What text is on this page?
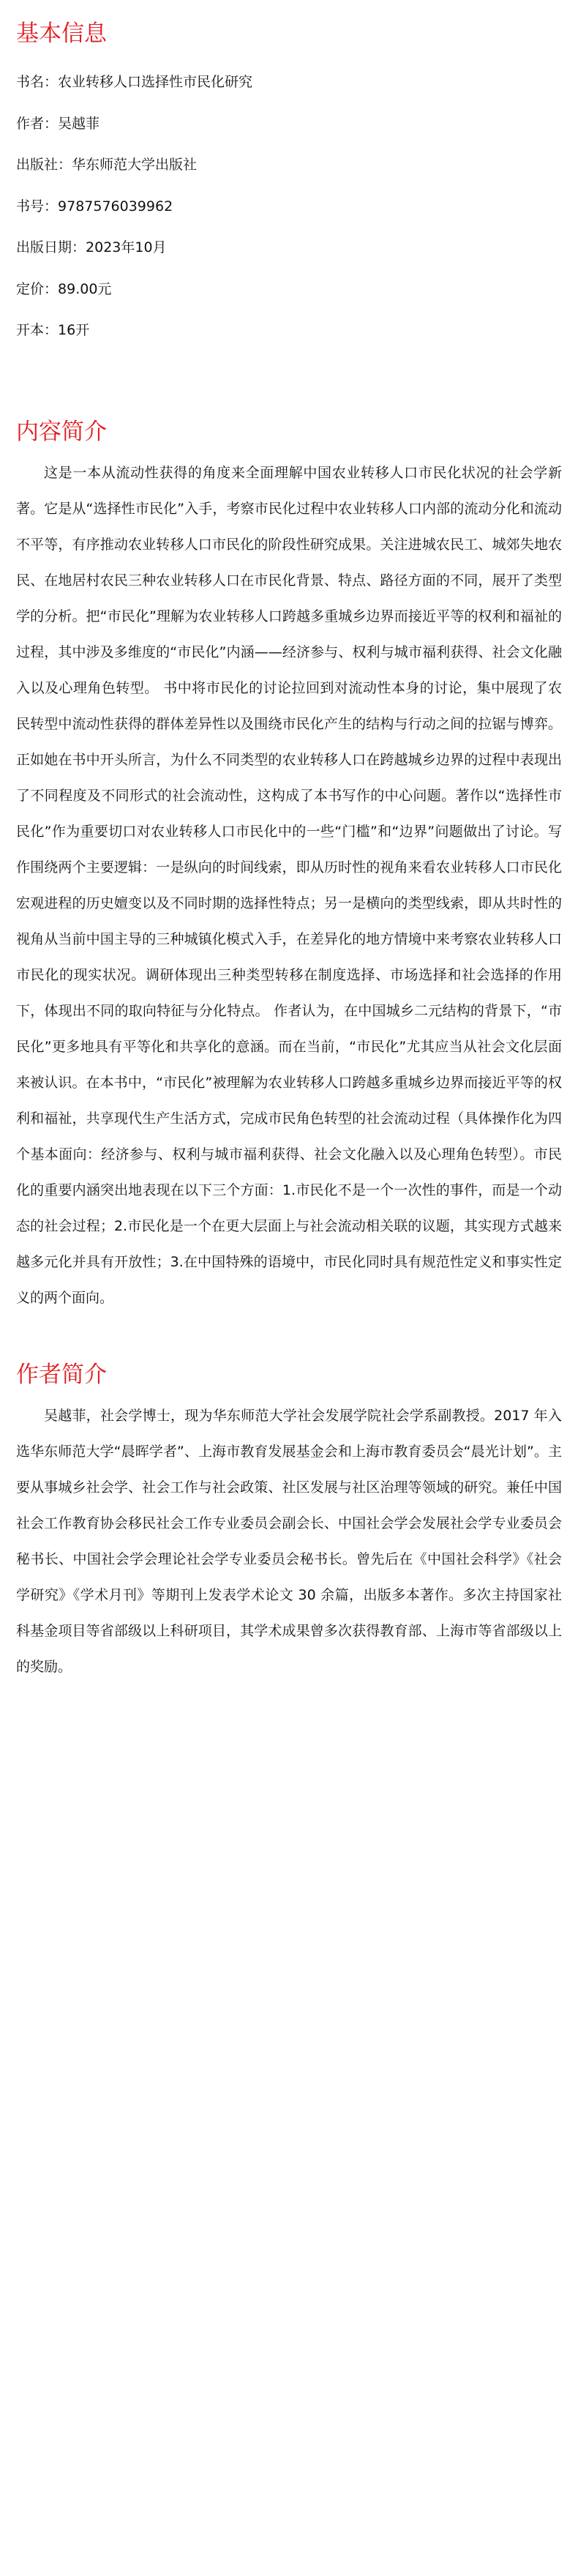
基本信息
书名：农业转移人口选择性市民化研究
作者：吴越菲
出版社：华东师范大学出版社
书号：9787576039962
出版日期：2023年10月
定价：89.00元
开本：16开
内容简介

这是一本从流动性获得的角度来全面理解中国农业转移人口市民化状况的社会学新著。它是从“选择性市民化”入手，考察市民化过程中农业转移人口内部的流动分化和流动不平等，有序推动农业转移人口市民化的阶段性研究成果。关注进城农民工、城郊失地农民、在地居村农民三种农业转移人口在市民化背景、特点、路径方面的不同，展开了类型学的分析。把“市民化”理解为农业转移人口跨越多重城乡边界而接近平等的权利和福祉的过程，其中涉及多维度的“市民化”内涵——经济参与、权利与城市福利获得、社会文化融入以及心理角色转型。 书中将市民化的讨论拉回到对流动性本身的讨论，集中展现了农民转型中流动性获得的群体差异性以及围绕市民化产生的结构与行动之间的拉锯与博弈。正如她在书中开头所言，为什么不同类型的农业转移人口在跨越城乡边界的过程中表现出了不同程度及不同形式的社会流动性，这构成了本书写作的中心问题。著作以“选择性市民化”作为重要切口对农业转移人口市民化中的一些“门槛”和“边界”问题做出了讨论。写作围绕两个主要逻辑：一是纵向的时间线索，即从历时性的视角来看农业转移人口市民化宏观进程的历史嬗变以及不同时期的选择性特点；另一是横向的类型线索，即从共时性的视角从当前中国主导的三种城镇化模式入手，在差异化的地方情境中来考察农业转移人口市民化的现实状况。调研体现出三种类型转移在制度选择、市场选择和社会选择的作用下，体现出不同的取向特征与分化特点。 作者认为，在中国城乡二元结构的背景下，“市民化”更多地具有平等化和共享化的意涵。而在当前，“市民化”尤其应当从社会文化层面来被认识。在本书中，“市民化”被理解为农业转移人口跨越多重城乡边界而接近平等的权利和福祉，共享现代生产生活方式，完成市民角色转型的社会流动过程（具体操作化为四个基本面向：经济参与、权利与城市福利获得、社会文化融入以及心理角色转型）。市民化的重要内涵突出地表现在以下三个方面：1.市民化不是一个一次性的事件，而是一个动态的社会过程；2.市民化是一个在更大层面上与社会流动相关联的议题，其实现方式越来越多元化并具有开放性；3.在中国特殊的语境中，市民化同时具有规范性定义和事实性定义的两个面向。

作者简介

吴越菲，社会学博士，现为华东师范大学社会发展学院社会学系副教授。2017 年入选华东师范大学“晨晖学者”、上海市教育发展基金会和上海市教育委员会“晨光计划”。主要从事城乡社会学、社会工作与社会政策、社区发展与社区治理等领域的研究。兼任中国社会工作教育协会移民社会工作专业委员会副会长、中国社会学会发展社会学专业委员会秘书长、中国社会学会理论社会学专业委员会秘书长。曾先后在《中国社会科学》《社会学研究》《学术月刊》等期刊上发表学术论文 30 余篇，出版多本著作。多次主持国家社科基金项目等省部级以上科研项目，其学术成果曾多次获得教育部、上海市等省部级以上的奖励。
